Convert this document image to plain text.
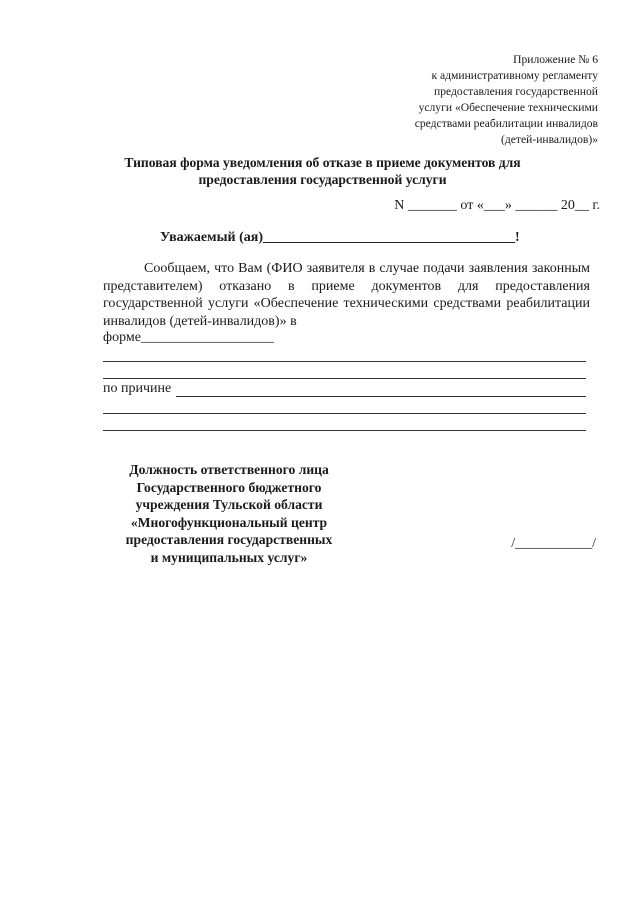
Приложение № 6
к административному регламенту
предоставления государственной
услуги «Обеспечение техническими
средствами реабилитации инвалидов
(детей-инвалидов)»
Типовая форма уведомления об отказе в приеме документов для
предоставления государственной услуги
N _______ от «___» ______ 20__ г.
Уважаемый (ая)____________________________________!
Сообщаем, что Вам (ФИО заявителя в случае подачи заявления законным представителем) отказано в приеме документов для предоставления государственной услуги «Обеспечение техническими средствами реабилитации инвалидов (детей-инвалидов)» в
форме___________________
по причине
Должность ответственного лица
Государственного бюджетного
учреждения Тульской области
«Многофункциональный центр
предоставления государственных
и муниципальных услуг»
/___________/
